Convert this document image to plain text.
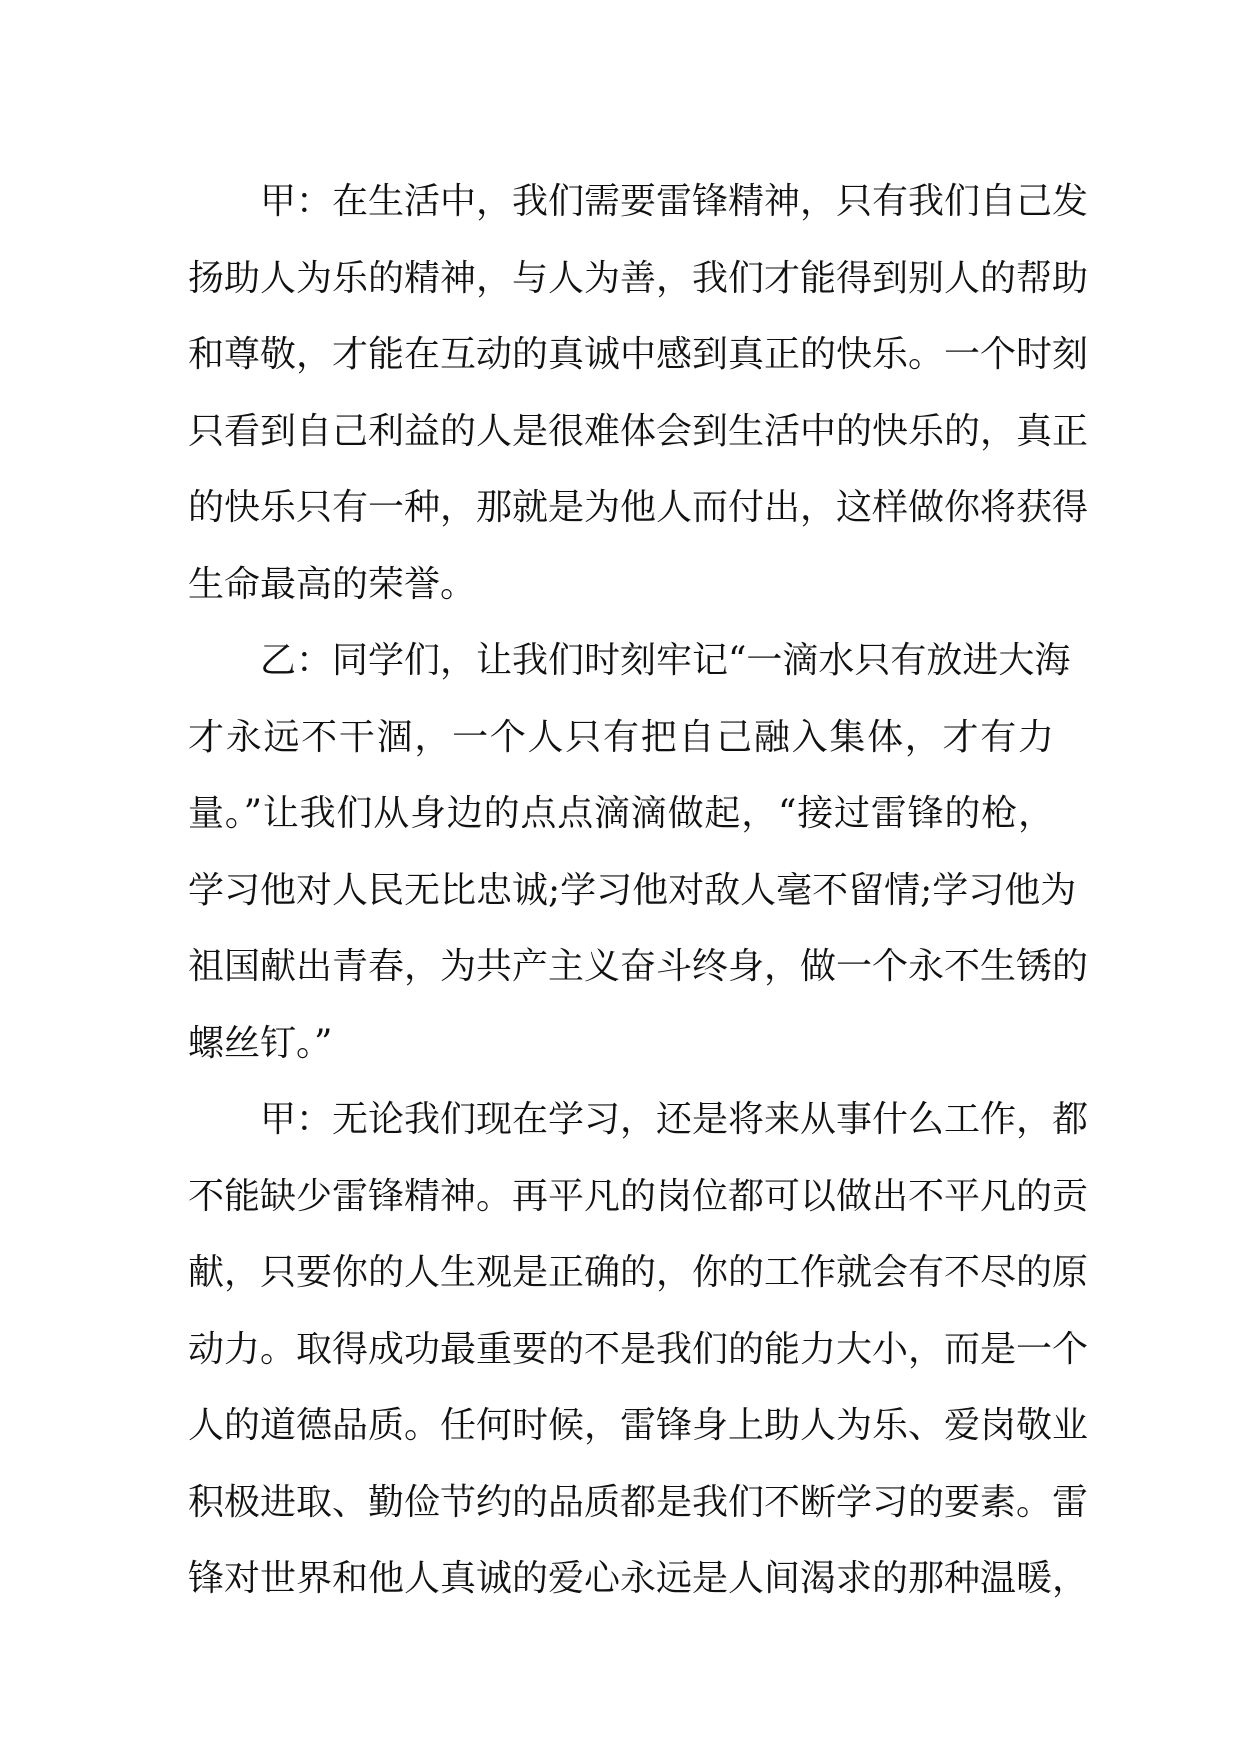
甲：在生活中，我们需要雷锋精神，只有我们自己发
扬助人为乐的精神，与人为善，我们才能得到别人的帮助
和尊敬，才能在互动的真诚中感到真正的快乐。一个时刻
只看到自己利益的人是很难体会到生活中的快乐的，真正
的快乐只有一种，那就是为他人而付出，这样做你将获得
生命最高的荣誉。
乙：同学们，让我们时刻牢记“一滴水只有放进大海
才永远不干涸，一个人只有把自己融入集体，才有力
量。”让我们从身边的点点滴滴做起，“接过雷锋的枪，
学习他对人民无比忠诚;学习他对敌人毫不留情;学习他为
祖国献出青春，为共产主义奋斗终身，做一个永不生锈的
螺丝钉。”
甲：无论我们现在学习，还是将来从事什么工作，都
不能缺少雷锋精神。再平凡的岗位都可以做出不平凡的贡
献，只要你的人生观是正确的，你的工作就会有不尽的原
动力。取得成功最重要的不是我们的能力大小，而是一个
人的道德品质。任何时候，雷锋身上助人为乐、爱岗敬业
积极进取、勤俭节约的品质都是我们不断学习的要素。雷
锋对世界和他人真诚的爱心永远是人间渴求的那种温暖，
